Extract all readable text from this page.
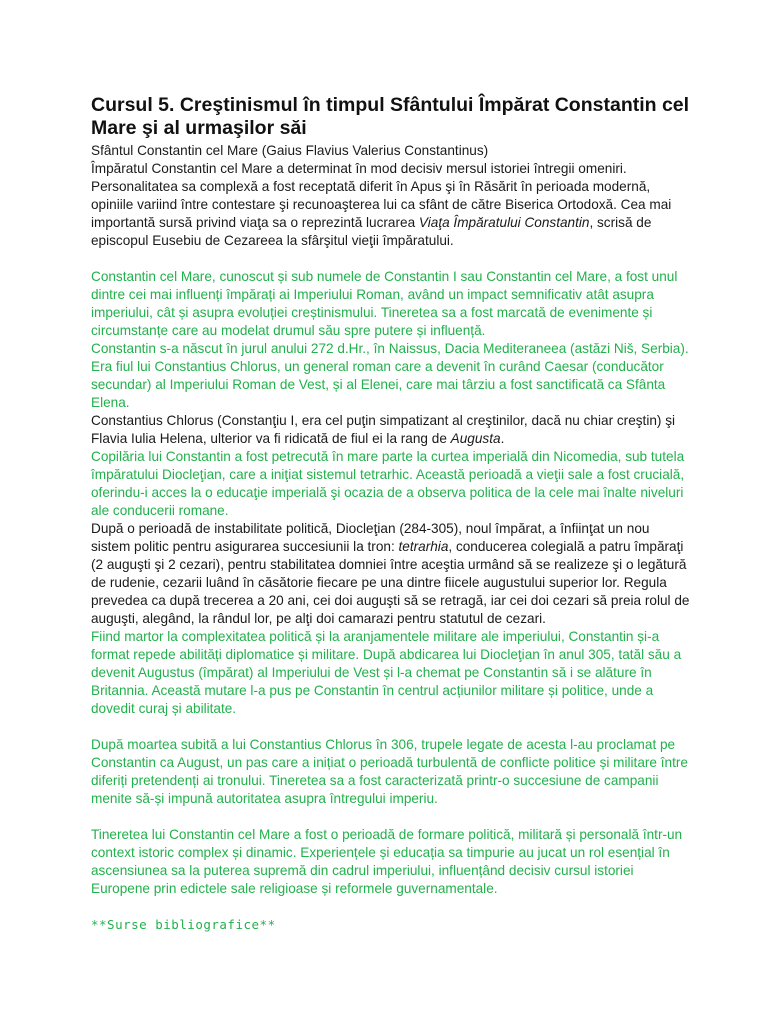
Cursul 5. Creştinismul în timpul Sfântului Împărat Constantin cel Mare şi al urmaşilor săi

Sfântul Constantin cel Mare (Gaius Flavius Valerius Constantinus)

Împăratul Constantin cel Mare a determinat în mod decisiv mersul istoriei întregii omeniri. Personalitatea sa complexă a fost receptată diferit în Apus şi în Răsărit în perioada modernă, opiniile variind între contestare şi recunoaşterea lui ca sfânt de către Biserica Ortodoxă. Cea mai importantă sursă privind viaţa sa o reprezintă lucrarea Viaţa Împăratului Constantin, scrisă de episcopul Eusebiu de Cezareea la sfârşitul vieţii împăratului.

Constantin cel Mare, cunoscut și sub numele de Constantin I sau Constantin cel Mare, a fost unul dintre cei mai influenți împărați ai Imperiului Roman, având un impact semnificativ atât asupra imperiului, cât și asupra evoluției creștinismului. Tineretea sa a fost marcată de evenimente și circumstanțe care au modelat drumul său spre putere și influență.

Constantin s-a născut în jurul anului 272 d.Hr., în Naissus, Dacia Mediteraneea (astăzi Niš, Serbia). Era fiul lui Constantius Chlorus, un general roman care a devenit în curând Caesar (conducător secundar) al Imperiului Roman de Vest, și al Elenei, care mai târziu a fost sanctificată ca Sfânta Elena.

Constantius Chlorus (Constanţiu I, era cel puţin simpatizant al creştinilor, dacă nu chiar creştin) şi Flavia Iulia Helena, ulterior va fi ridicată de fiul ei la rang de Augusta.

Copilăria lui Constantin a fost petrecută în mare parte la curtea imperială din Nicomedia, sub tutela împăratului Diocleţian, care a iniţiat sistemul tetrarhic. Această perioadă a vieţii sale a fost crucială, oferindu-i acces la o educaţie imperială şi ocazia de a observa politica de la cele mai înalte niveluri ale conducerii romane.

După o perioadă de instabilitate politică, Diocleţian (284-305), noul împărat, a înfiinţat un nou sistem politic pentru asigurarea succesiunii la tron: tetrarhia, conducerea colegială a patru împăraţi (2 auguşti şi 2 cezari), pentru stabilitatea domniei între aceştia urmând să se realizeze şi o legătură de rudenie, cezarii luând în căsătorie fiecare pe una dintre fiicele augustului superior lor. Regula prevedea ca după trecerea a 20 ani, cei doi auguşti să se retragă, iar cei doi cezari să preia rolul de auguşti, alegând, la rândul lor, pe alţi doi camarazi pentru statutul de cezari.

Fiind martor la complexitatea politică și la aranjamentele militare ale imperiului, Constantin și-a format repede abilități diplomatice și militare. După abdicarea lui Diocleţian în anul 305, tatăl său a devenit Augustus (împărat) al Imperiului de Vest și l-a chemat pe Constantin să i se alăture în Britannia. Această mutare l-a pus pe Constantin în centrul acțiunilor militare și politice, unde a dovedit curaj și abilitate.

După moartea subită a lui Constantius Chlorus în 306, trupele legate de acesta l-au proclamat pe Constantin ca August, un pas care a inițiat o perioadă turbulentă de conflicte politice și militare între diferiți pretendenți ai tronului. Tineretea sa a fost caracterizată printr-o succesiune de campanii menite să-și impună autoritatea asupra întregului imperiu.

Tineretea lui Constantin cel Mare a fost o perioadă de formare politică, militară și personală într-un context istoric complex și dinamic. Experiențele și educația sa timpurie au jucat un rol esențial în ascensiunea sa la puterea supremă din cadrul imperiului, influențând decisiv cursul istoriei Europene prin edictele sale religioase și reformele guvernamentale.

**Surse bibliografice**
